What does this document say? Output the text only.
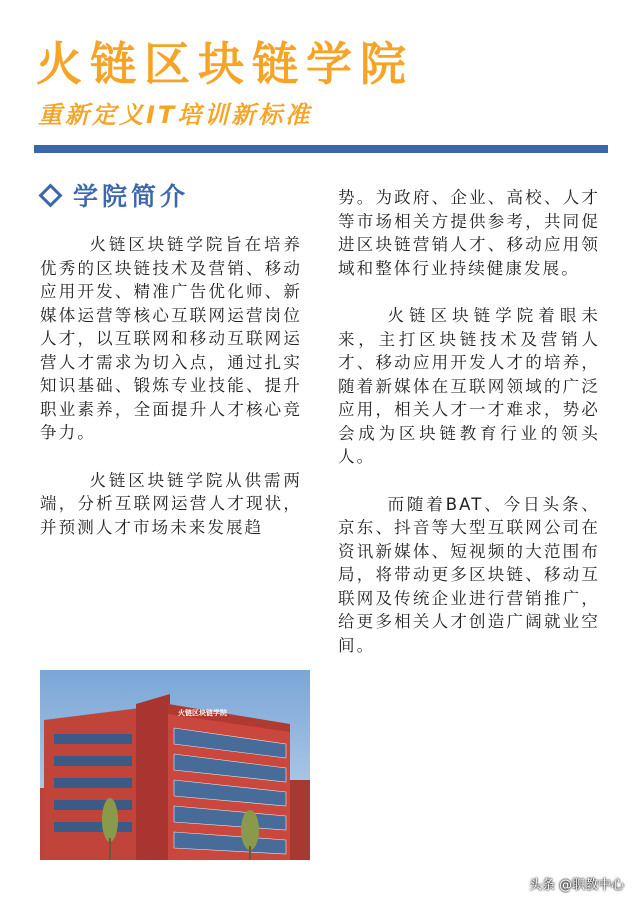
火链区块链学院
重新定义IT培训新标准
学院简介

火链区块链学院旨在培养优秀的区块链技术及营销、移动应用开发、精准广告优化师、新媒体运营等核心互联网运营岗位人才，以互联网和移动互联网运营人才需求为切入点，通过扎实知识基础、锻炼专业技能、提升职业素养，全面提升人才核心竞争力。

火链区块链学院从供需两端，分析互联网运营人才现状，并预测人才市场未来发展趋

势。为政府、企业、高校、人才等市场相关方提供参考，共同促进区块链营销人才、移动应用领域和整体行业持续健康发展。

火链区块链学院着眼未来，主打区块链技术及营销人才、移动应用开发人才的培养，随着新媒体在互联网领域的广泛应用，相关人才一才难求，势必会成为区块链教育行业的领头人。

而随着BAT、今日头条、京东、抖音等大型互联网公司在资讯新媒体、短视频的大范围布局，将带动更多区块链、移动互联网及传统企业进行营销推广，给更多相关人才创造广阔就业空间。

火链区块链学院
头条 @职教中心
